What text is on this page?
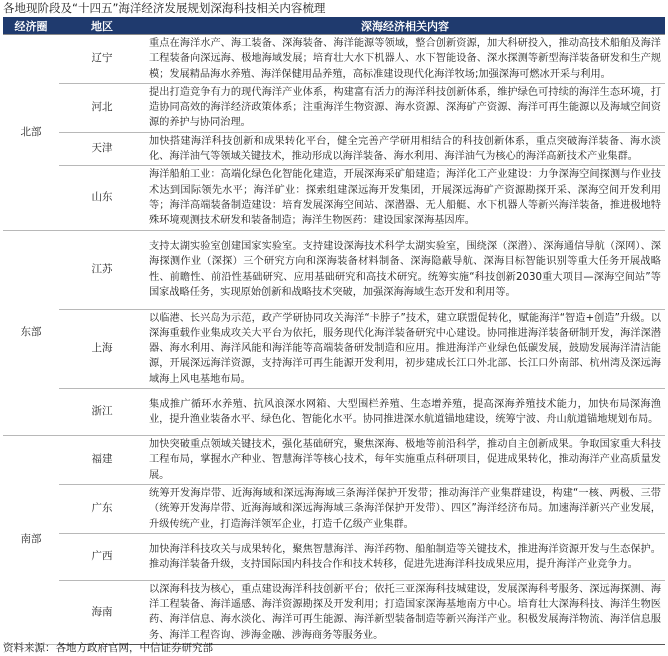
各地现阶段及“十四五”海洋经济发展规划深海科技相关内容梳理
经济圈	地区	深海经济相关内容
北部	辽宁	重点在海洋水产、海工装备、深海装备、海洋能源等领域，整合创新资源，加大科研投入，推动高技术船舶及海洋工程装备向深远海、极地海域发展；培育壮大水下机器人、水下智能设备、深水探测等新型海洋装备研发和生产规模；发展精品海水养殖、海洋保健用品养殖，高标准建设现代化海洋牧场;加强深海可燃冰开采与利用。
	河北	提出打造竞争有力的现代海洋产业体系，构建富有活力的海洋科技创新体系，维护绿色可持续的海洋生态环境，打造协同高效的海洋经济政策体系；注重海洋生物资源、海水资源、深海矿产资源、海洋可再生能源以及海域空间资源的养护与协同治理。
	天津	加快搭建海洋科技创新和成果转化平台，健全完善产学研用相结合的科技创新体系，重点突破海洋装备、海水淡化、海洋油气等领域关键技术，推动形成以海洋装备、海水利用、海洋油气为核心的海洋高新技术产业集群。
	山东	海洋船舶工业：高端化绿色化智能化建造，开展深海采矿船建造；海洋化工产业建设：力争深海空间探测与作业技术达到国际领先水平；海洋矿业：探索组建深远海开发集团，开展深远海矿产资源勘探开采、深海空间开发利用等；海洋高端装备制造建设：培育发展深海空间站、深潜器、无人船艇、水下机器人等新兴海洋装备，推进极地特殊环境观测技术研发和装备制造；海洋生物医药：建设国家深海基因库。
东部	江苏	支持太湖实验室创建国家实验室。支持建设深海技术科学太湖实验室，围绕深（深潜）、深海通信导航（深网）、深海探测作业（深探）三个研究方向和深海装备材料制备、深海隐蔽导航、深海目标智能识别等重大任务开展战略性、前瞻性、前沿性基础研究、应用基础研究和高技术研究。统筹实施“科技创新2030重大项目—深海空间站”等国家战略任务，实现原始创新和战略技术突破，加强深海海域生态开发和利用等。
	上海	以临港、长兴岛为示范，政产学研协同攻关海洋“卡脖子”技术，建立联盟促转化，赋能海洋“智造+创造”升级。以深海重载作业集成攻关大平台为依托，服务现代化海洋装备研究中心建设。协同推进海洋装备研制开发，海洋深潜器、海水利用、海洋风能和海洋能等高端装备研发制造和应用。推进海洋产业绿色低碳发展，鼓励发展海洋清洁能源，开展深远海洋资源，支持海洋可再生能源开发利用，初步建成长江口外北部、长江口外南部、杭州湾及深远海域海上风电基地布局。
	浙江	集成推广循环水养殖、抗风浪深水网箱、大型围栏养殖、生态增养殖，提高深海养殖技术能力，加快布局深海渔业，提升渔业装备水平、绿色化、智能化水平。协同推进深水航道锚地建设，统筹宁波、舟山航道锚地规划布局。
南部	福建	加快突破重点领域关键技术，强化基础研究，聚焦深海、极地等前沿科学，推动自主创新成果。争取国家重大科技工程布局，掌握水产种业、智慧海洋等核心技术，每年实施重点科研项目，促进成果转化，推动海洋产业高质量发展。
	广东	统筹开发海岸带、近海海域和深远海海域三条海洋保护开发带；推动海洋产业集群建设，构建“一核、两极、三带（统筹开发海岸带、近海海域和深远海海域三条海洋保护开发带）、四区”海洋经济布局。加速海洋新兴产业发展，升级传统产业，打造海洋领军企业，打造千亿级产业集群。
	广西	加快海洋科技攻关与成果转化，聚焦智慧海洋、海洋药物、船舶制造等关键技术，推进海洋资源开发与生态保护。推动海洋装备升级，支持国际国内科技合作和技术转移，促进先进海洋科技成果应用，提升海洋产业竞争力。
	海南	以深海科技为核心，重点建设海洋科技创新平台；依托三亚深海科技城建设，发展深海科考服务、深远海探测、海洋工程装备、海洋遥感、海洋资源勘探及开发利用；打造国家深海基地南方中心。培育壮大深海科技、海洋生物医药、海洋信息、海水淡化、海洋可再生能源、海洋新型装备制造等新兴海洋产业。积极发展海洋物流、海洋信息服务、海洋工程咨询、涉海金融、涉海商务等服务业。
资料来源：各地方政府官网，中信证券研究部
